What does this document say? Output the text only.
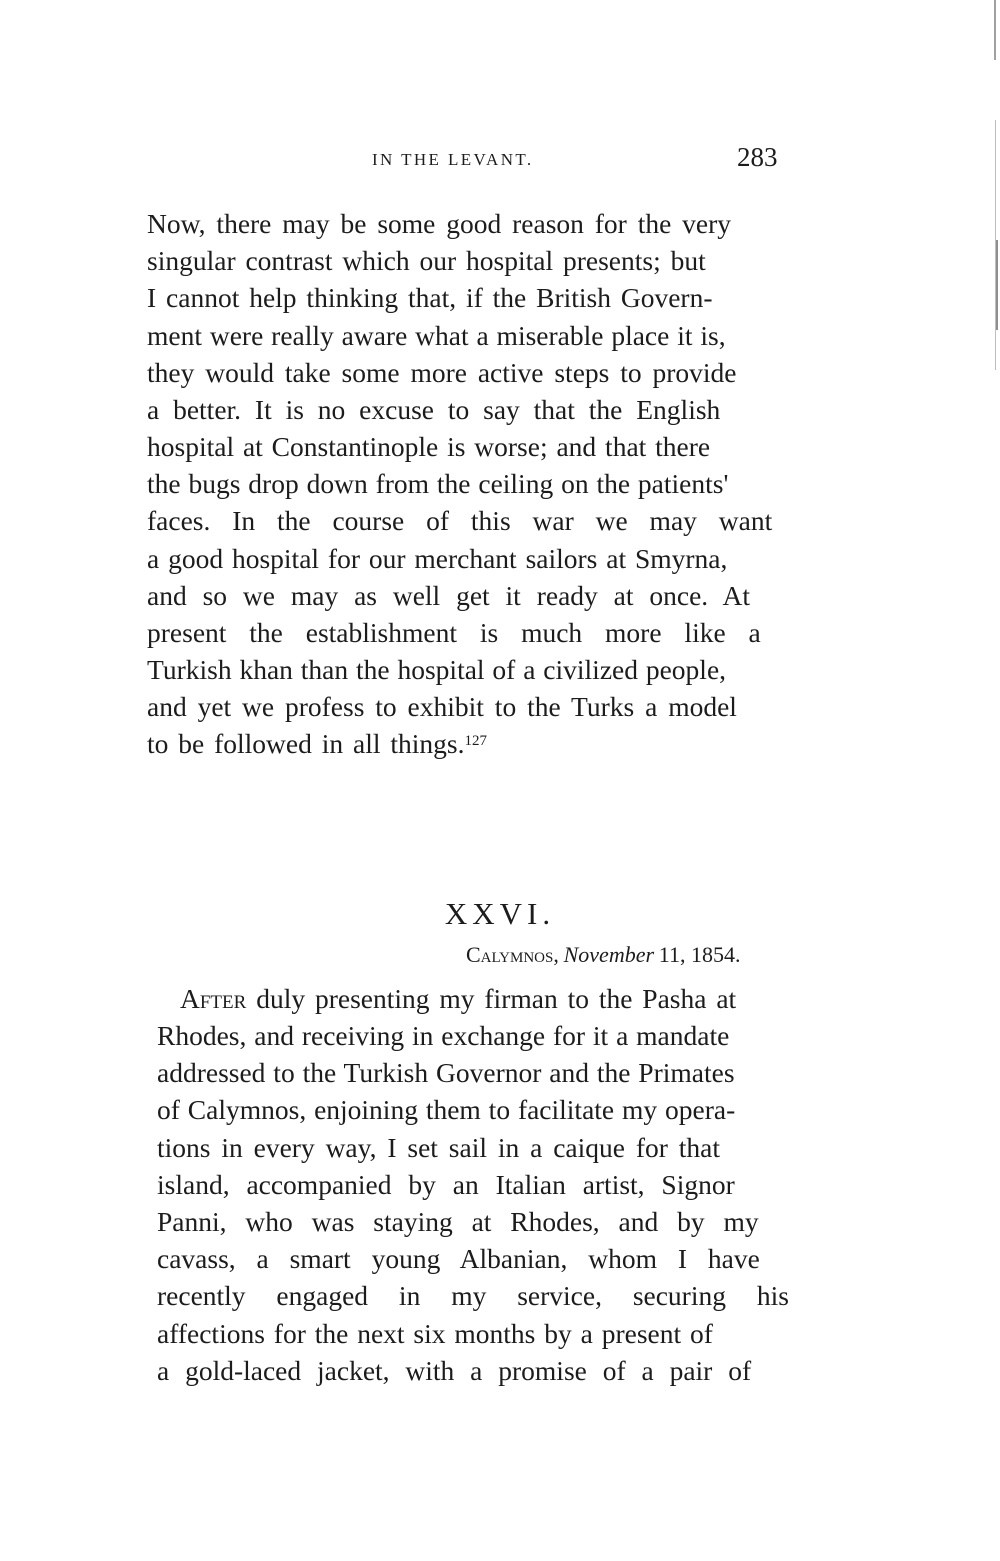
IN THE LEVANT.	283
Now, there may be some good reason for the very
singular contrast which our hospital presents; but
I cannot help thinking that, if the British Govern-
ment were really aware what a miserable place it is,
they would take some more active steps to provide
a better. It is no excuse to say that the English
hospital at Constantinople is worse; and that there
the bugs drop down from the ceiling on the patients'
faces. In the course of this war we may want
a good hospital for our merchant sailors at Smyrna,
and so we may as well get it ready at once. At
present the establishment is much more like a
Turkish khan than the hospital of a civilized people,
and yet we profess to exhibit to the Turks a model
to be followed in all things.$^{127}$
XXVI.
Calymnos, November 11, 1854.
After duly presenting my firman to the Pasha at
Rhodes, and receiving in exchange for it a mandate
addressed to the Turkish Governor and the Primates
of Calymnos, enjoining them to facilitate my opera-
tions in every way, I set sail in a caique for that
island, accompanied by an Italian artist, Signor
Panni, who was staying at Rhodes, and by my
cavass, a smart young Albanian, whom I have
recently engaged in my service, securing his
affections for the next six months by a present of
a gold-laced jacket, with a promise of a pair of
